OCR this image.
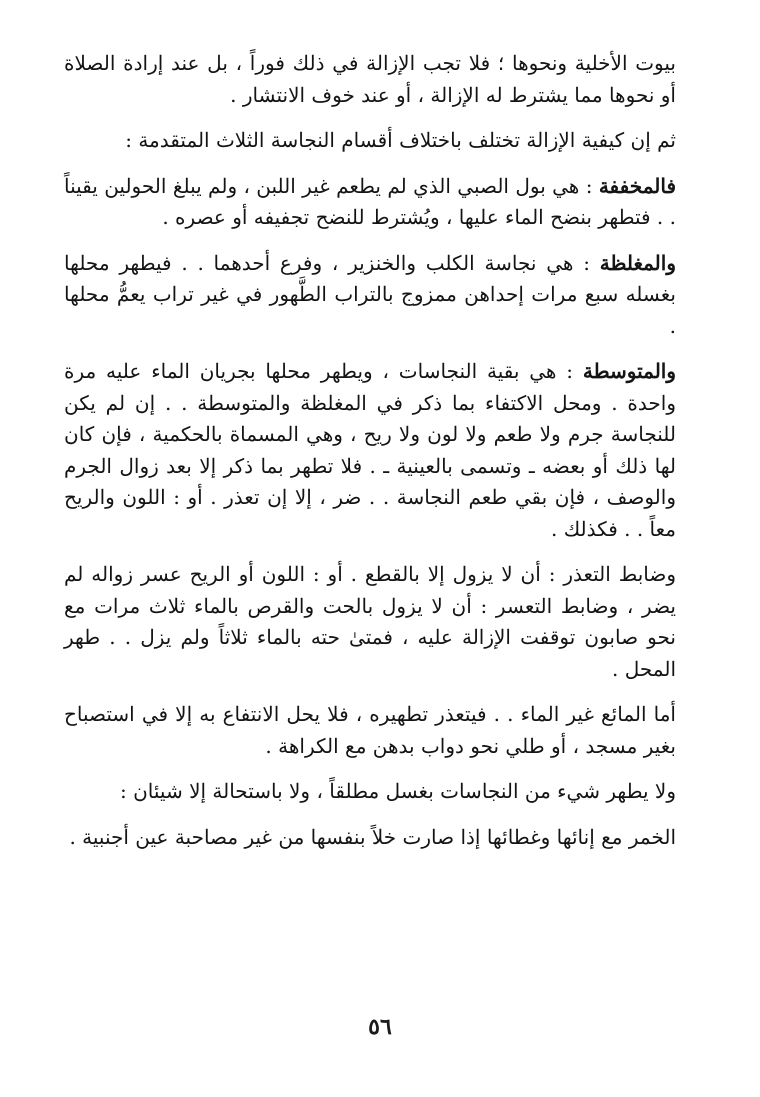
بيوت الأخلية ونحوها ؛ فلا تجب الإزالة في ذلك فوراً ، بل عند إرادة الصلاة أو نحوها مما يشترط له الإزالة ، أو عند خوف الانتشار .

ثم إن كيفية الإزالة تختلف باختلاف أقسام النجاسة الثلاث المتقدمة :

فالمخففة : هي بول الصبي الذي لم يطعم غير اللبن ، ولم يبلغ الحولين يقيناً . . فتطهر بنضح الماء عليها ، ويُشترط للنضح تجفيفه أو عصره .

والمغلظة : هي نجاسة الكلب والخنزير ، وفرع أحدهما . . فيطهر محلها بغسله سبع مرات إحداهن ممزوج بالتراب الطَّهور في غير تراب يعمُّ محلها .

والمتوسطة : هي بقية النجاسات ، ويطهر محلها بجريان الماء عليه مرة واحدة . ومحل الاكتفاء بما ذكر في المغلظة والمتوسطة . . إن لم يكن للنجاسة جرم ولا طعم ولا لون ولا ريح ، وهي المسماة بالحكمية ، فإن كان لها ذلك أو بعضه ـ وتسمى بالعينية ـ . فلا تطهر بما ذكر إلا بعد زوال الجرم والوصف ، فإن بقي طعم النجاسة . . ضر ، إلا إن تعذر . أو : اللون والريح معاً . . فكذلك .

وضابط التعذر : أن لا يزول إلا بالقطع . أو : اللون أو الريح عسر زواله لم يضر ، وضابط التعسر : أن لا يزول بالحت والقرص بالماء ثلاث مرات مع نحو صابون توقفت الإزالة عليه ، فمتىٰ حته بالماء ثلاثاً ولم يزل . . طهر المحل .

أما المائع غير الماء . . فيتعذر تطهيره ، فلا يحل الانتفاع به إلا في استصباح بغير مسجد ، أو طلي نحو دواب بدهن مع الكراهة .

ولا يطهر شيء من النجاسات بغسل مطلقاً ، ولا باستحالة إلا شيئان :

الخمر مع إنائها وغطائها إذا صارت خلاً بنفسها من غير مصاحبة عين أجنبية .

٥٦
